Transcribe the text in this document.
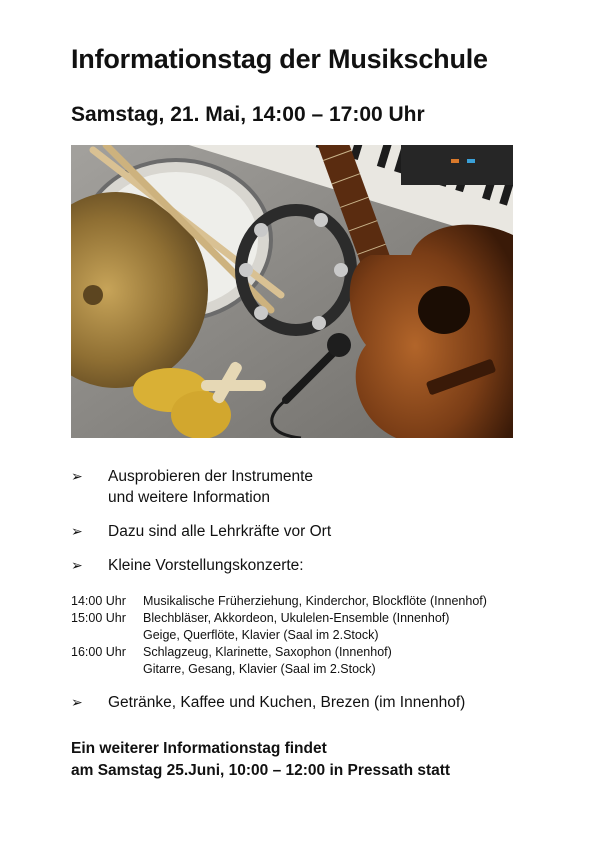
Informationstag der Musikschule
Samstag, 21. Mai, 14:00 – 17:00 Uhr
➢ Ausprobieren der Instrumente
und weitere Information
➢ Dazu sind alle Lehrkräfte vor Ort
➢ Kleine Vorstellungskonzerte:
14:00 Uhr	Musikalische Früherziehung, Kinderchor, Blockflöte (Innenhof)
15:00 Uhr	Blechbläser, Akkordeon, Ukulelen-Ensemble (Innenhof)
Geige, Querflöte, Klavier (Saal im 2.Stock)
16:00 Uhr	Schlagzeug, Klarinette, Saxophon (Innenhof)
Gitarre, Gesang, Klavier (Saal im 2.Stock)
➢ Getränke, Kaffee und Kuchen, Brezen (im Innenhof)
Ein weiterer Informationstag findet
am Samstag 25.Juni, 10:00 – 12:00 in Pressath statt
